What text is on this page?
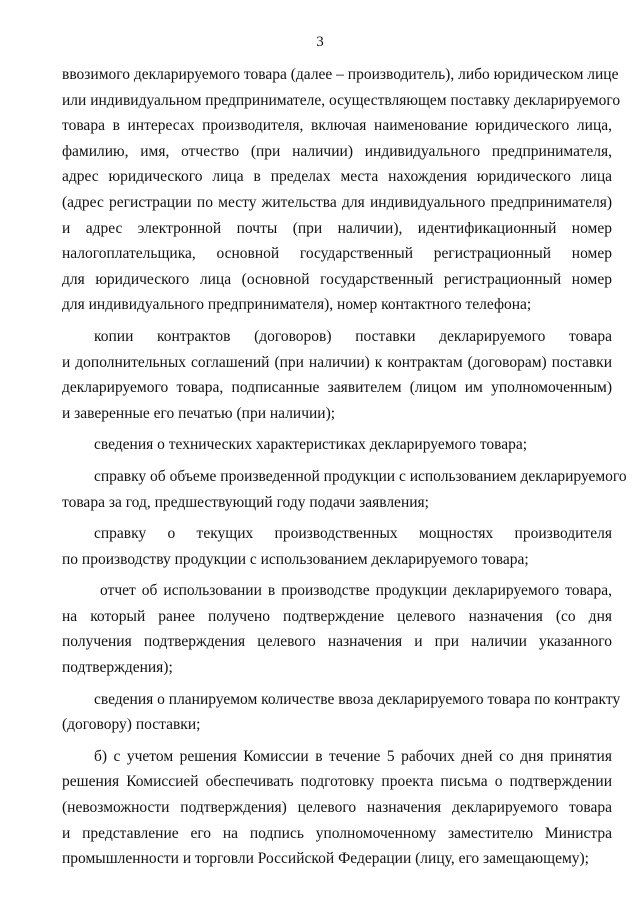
3

ввозимого декларируемого товара (далее – производитель), либо юридическом лице
или индивидуальном предпринимателе, осуществляющем поставку декларируемого
товара в интересах производителя, включая наименование юридического лица,
фамилию, имя, отчество (при наличии) индивидуального предпринимателя,
адрес юридического лица в пределах места нахождения юридического лица
(адрес регистрации по месту жительства для индивидуального предпринимателя)
и адрес электронной почты (при наличии), идентификационный номер
налогоплательщика, основной государственный регистрационный номер
для юридического лица (основной государственный регистрационный номер
для индивидуального предпринимателя), номер контактного телефона;

копии контрактов (договоров) поставки декларируемого товара
и дополнительных соглашений (при наличии) к контрактам (договорам) поставки
декларируемого товара, подписанные заявителем (лицом им уполномоченным)
и заверенные его печатью (при наличии);

сведения о технических характеристиках декларируемого товара;

справку об объеме произведенной продукции с использованием декларируемого
товара за год, предшествующий году подачи заявления;

справку о текущих производственных мощностях производителя
по производству продукции с использованием декларируемого товара;

отчет об использовании в производстве продукции декларируемого товара,
на который ранее получено подтверждение целевого назначения (со дня
получения подтверждения целевого назначения и при наличии указанного
подтверждения);

сведения о планируемом количестве ввоза декларируемого товара по контракту
(договору) поставки;

б) с учетом решения Комиссии в течение 5 рабочих дней со дня принятия
решения Комиссией обеспечивать подготовку проекта письма о подтверждении
(невозможности подтверждения) целевого назначения декларируемого товара
и представление его на подпись уполномоченному заместителю Министра
промышленности и торговли Российской Федерации (лицу, его замещающему);
